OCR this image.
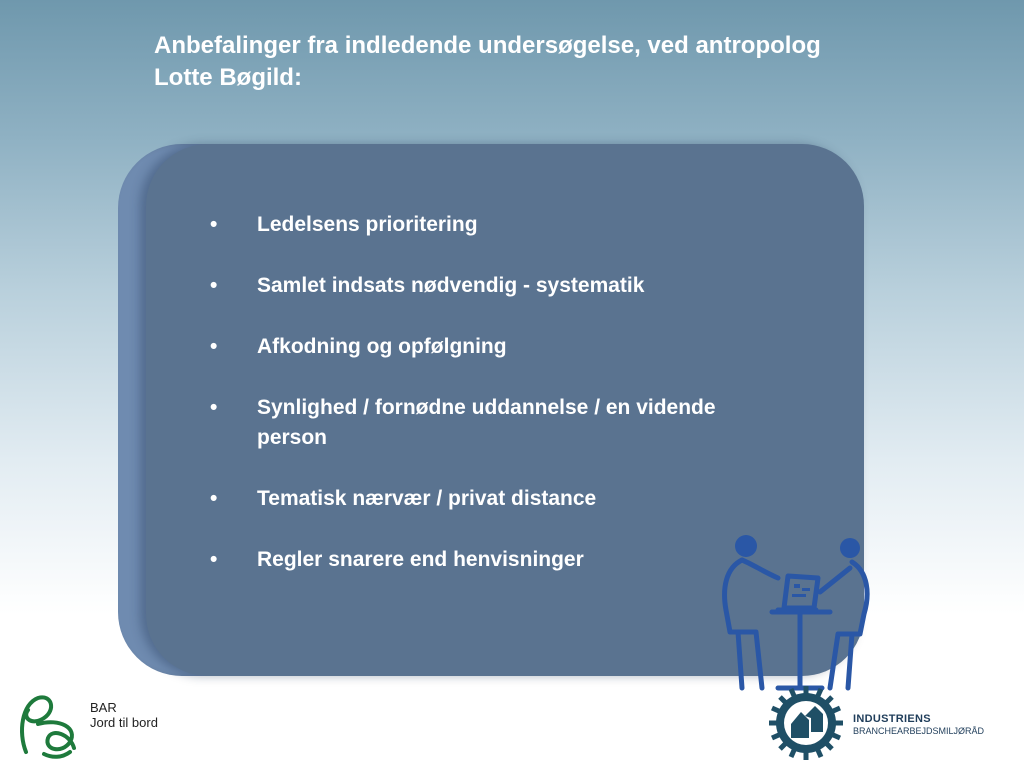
Anbefalinger fra indledende undersøgelse, ved antropolog Lotte Bøgild:
•	Ledelsens prioritering
•	Samlet indsats nødvendig - systematik
•	Afkodning og opfølgning
•	Synlighed / fornødne uddannelse / en vidende person
•	Tematisk nærvær / privat distance
•	Regler snarere end henvisninger
BAR
Jord til bord	INDUSTRIENS
BRANCHEARBEJDSMILJØRÅD
